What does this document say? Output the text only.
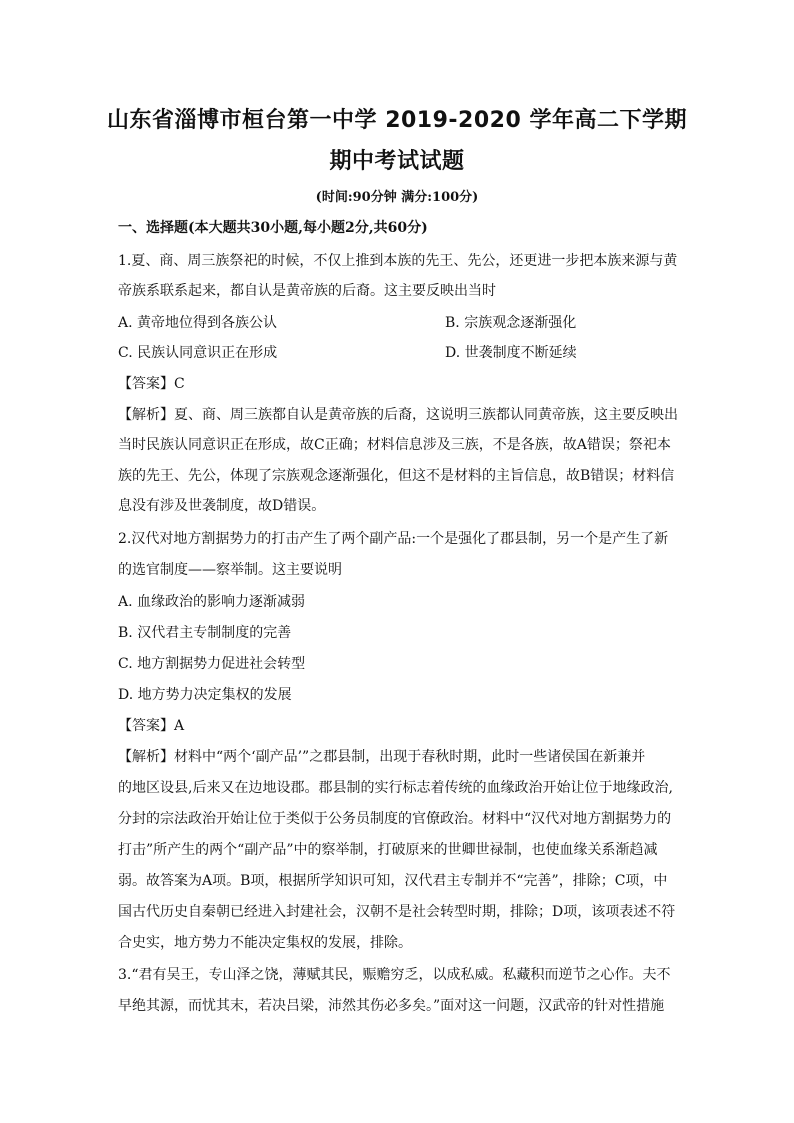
山东省淄博市桓台第一中学 2019-2020 学年高二下学期
期中考试试题
(时间:90分钟 满分:100分)
一、选择题(本大题共30小题,每小题2分,共60分)
1.夏、商、周三族祭祀的时候，不仅上推到本族的先王、先公，还更进一步把本族来源与黄
帝族系联系起来，都自认是黄帝族的后裔。这主要反映出当时
A. 黄帝地位得到各族公认	B. 宗族观念逐渐强化
C. 民族认同意识正在形成	D. 世袭制度不断延续
【答案】C
【解析】夏、商、周三族都自认是黄帝族的后裔，这说明三族都认同黄帝族，这主要反映出
当时民族认同意识正在形成，故C正确；材料信息涉及三族，不是各族，故A错误；祭祀本
族的先王、先公，体现了宗族观念逐渐强化，但这不是材料的主旨信息，故B错误；材料信
息没有涉及世袭制度，故D错误。
2.汉代对地方割据势力的打击产生了两个副产品:一个是强化了郡县制，另一个是产生了新
的选官制度——察举制。这主要说明
A. 血缘政治的影响力逐渐减弱
B. 汉代君主专制制度的完善
C. 地方割据势力促进社会转型
D. 地方势力决定集权的发展
【答案】A
【解析】材料中“两个‘副产品’”之郡县制，出现于春秋时期，此时一些诸侯国在新兼并
的地区设县,后来又在边地设郡。郡县制的实行标志着传统的血缘政治开始让位于地缘政治,
分封的宗法政治开始让位于类似于公务员制度的官僚政治。材料中“汉代对地方割据势力的
打击”所产生的两个“副产品”中的察举制，打破原来的世卿世禄制，也使血缘关系渐趋减
弱。故答案为A项。B项，根据所学知识可知，汉代君主专制并不“完善”，排除；C项，中
国古代历史自秦朝已经进入封建社会，汉朝不是社会转型时期，排除；D项，该项表述不符
合史实，地方势力不能决定集权的发展，排除。
3.“君有吴王，专山泽之饶，薄赋其民，赈赡穷乏，以成私威。私藏积而逆节之心作。夫不
早绝其源，而忧其末，若决吕梁，沛然其伤必多矣。”面对这一问题，汉武帝的针对性措施
